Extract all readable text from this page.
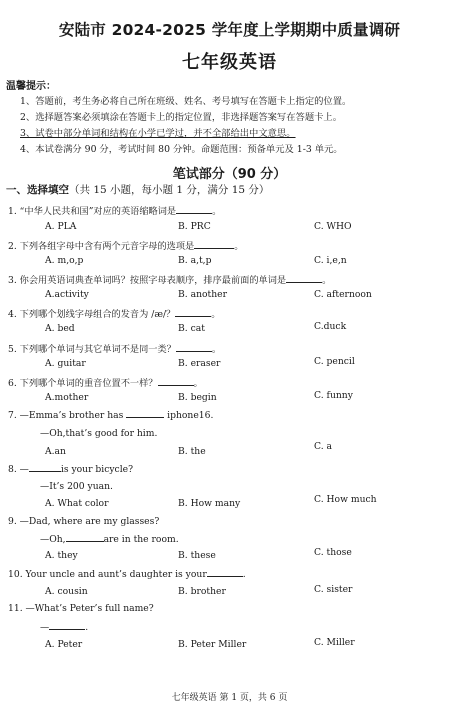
安陆市 2024-2025 学年度上学期期中质量调研
七年级英语
温馨提示：
1、答题前，考生务必将自己所在班级、姓名、考号填写在答题卡上指定的位置。
2、选择题答案必须填涂在答题卡上的指定位置，非选择题答案写在答题卡上。
3、试卷中部分单词和结构在小学已学过，并不全部给出中文意思。
4、本试卷满分 90 分，考试时间 80 分钟。命题范围：预备单元及 1-3 单元。
笔试部分（90 分）
一、选择填空（共 15 小题，每小题 1 分，满分 15 分）
1. “中华人民共和国”对应的英语缩略词是	。
A. PLA	B. PRC	C. WHO
2. 下列各组字母中含有两个元音字母的选项是	。
A. m,o,p	B. a,t,p	C. i,e,n
3. 你会用英语词典查单词吗？按照字母表顺序，排序最前面的单词是	。
A.activity	B. another	C. afternoon
4. 下列哪个划线字母组合的发音为 /æ/？	。
A. bed	B. cat	C.duck
5. 下列哪个单词与其它单词不是同一类？	。
A. guitar	B. eraser	C. pencil
6. 下列哪个单词的重音位置不一样？	。
A.mother	B. begin	C. funny
7. —Emma’s brother has	iphone16.
—Oh,that’s good for him.
A.an	B. the	C. a
8. —	is your bicycle?
—It’s 200 yuan.
A. What color	B. How many	C. How much
9. —Dad, where are my glasses?
—Oh,	are in the room.
A. they	B. these	C. those
10. Your uncle and aunt’s daughter is your	.
A. cousin	B. brother	C. sister
11. —What’s Peter’s full name?
—	.
A. Peter	B. Peter Miller	C. Miller
七年级英语 第 1 页，共 6 页
